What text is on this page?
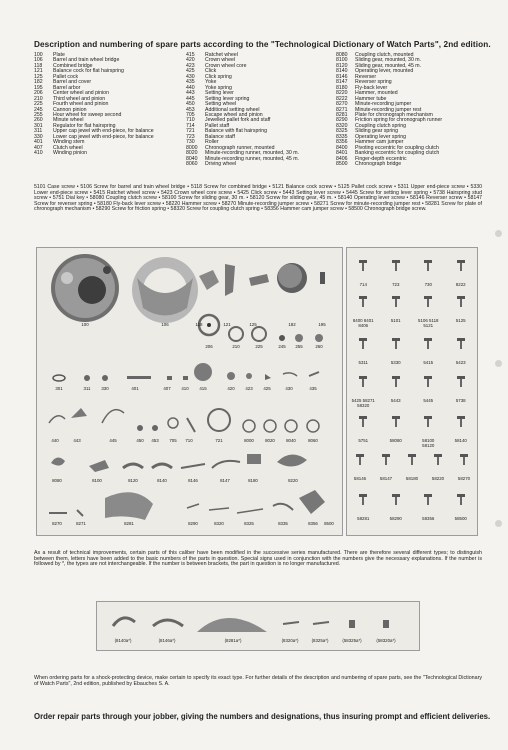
Description and numbering of spare parts according to the "Technological Dictionary of Watch Parts", 2nd edition.
100	Plate
106	Barrel and train wheel bridge
118	Combined bridge
121	Balance cock for flat hairspring
125	Pallet cock
182	Barrel and cover
195	Barrel arbor
206	Center wheel and pinion
210	Third wheel and pinion
225	Fourth wheel and pinion
245	Cannon pinion
255	Hour wheel for sweep second
260	Minute wheel
301	Regulator for flat hairspring
311	Upper cap jewel with end-piece, for balance
330	Lower cap jewel with end-piece, for balance
401	Winding stem
407	Clutch wheel
410	Winding pinion
415	Ratchet wheel
420	Crown wheel
423	Crown wheel core
425	Click
430	Click spring
435	Yoke
440	Yoke spring
443	Setting lever
445	Setting lever spring
450	Setting wheel
453	Additional setting wheel
705	Escape wheel and pinion
710	Jewelled pallet fork and staff
714	Pallet staff
721	Balance with flat hairspring
723	Balance staff
730	Roller
8000	Chronograph runner, mounted
8020	Minute-recording runner, mounted, 30 m.
8040	Minute-recording runner, mounted, 45 m.
8060	Driving wheel
8080	Coupling clutch, mounted
8100	Sliding gear, mounted, 30 m.
8120	Sliding gear, mounted, 45 m.
8140	Operating lever, mounted
8146	Reverser
8147	Reverser spring
8180	Fly-back lever
8220	Hammer, mounted
8222	Hammer tube
8270	Minute-recording jumper
8271	Minute-recording jumper rest
8281	Plate for chronograph mechanism
8290	Friction spring for chronograph runner
8320	Coupling clutch spring
8325	Sliding gear spring
8335	Operating lever spring
8356	Hammer cam jumper
8400	Pivoting eccentric for coupling clutch
8401	Banking eccentric for coupling clutch
8406	Finger-depth eccentric
8500	Chronograph bridge
5101 Case screw • 5106 Screw for barrel and train wheel bridge • 5118 Screw for combined bridge • 5121 Balance cock screw • 5125 Pallet cock screw • 5311 Upper end-piece screw • 5330 Lower end-piece screw • 5415 Ratchet wheel screw • 5423 Crown wheel core screw • 5425 Click screw • 5443 Setting lever screw • 5445 Screw for setting lever spring • 5738 Hairspring stud screw • 5751 Dial key • 58080 Coupling clutch screw • 58100 Screw for sliding gear, 30 m. • 58120 Screw for sliding gear, 45 m. • 58140 Operating lever screw • 58146 Reverser screw • 58147 Screw for reverser spring • 58180 Fly-back lever screw • 58220 Hammer screw • 58270 Minute-recording jumper screw • 58271 Screw for minute-recording jumper rest • 58281 Screw for plate of chronograph mechanism • 58290 Screw for friction spring • 58320 Screw for coupling clutch spring • 58356 Hammer cam jumper screw • 58500 Chronograph bridge screw.
100	106	118	121	125	182	195
206	210	225	245 255	260
301	311 330	401	407 410 415	420 423 425	430	435
440	443	445	450 453 705 710	721	8000	8020	8040	8060
8080	8100	8120	8140	8146	8147	8180	8220
8270	8271	8281	8290	8320	8325	8335	8356 8500
714	723	730	8222
8400 8401 8406
5101	5106 5118 5121
5125
5311	5330	5415	5423
5425 58271 58320
5443	5445	5738
5751	58080	58100 58120
58140
58146	58147	58180	58220	58270
58281	58290	58356	58500
As a result of technical improvements, certain parts of this caliber have been modified in the successive series manufactured. There are therefore several different types; to distinguish between them, letters have been added to the basic numbers of the parts in question. Special signs used in conjunction with the numbers give the necessary explanations. If the number is followed by *, the types are not interchangeable. If the number is between brackets, the part in question is no longer manufactured.
(8140a*)	(8146a*)	(8281a*)	(8320a*)	(8325a*)	(58325a*)	(58320a*)
When ordering parts for a shock-protecting device, make certain to specify its exact type. For further details of the description and numbering of spare parts, see the "Technological Dictionary of Watch Parts", 2nd edition, published by Ebauches S. A.
Order repair parts through your jobber, giving the numbers and designations, thus insuring prompt and efficient deliveries.
